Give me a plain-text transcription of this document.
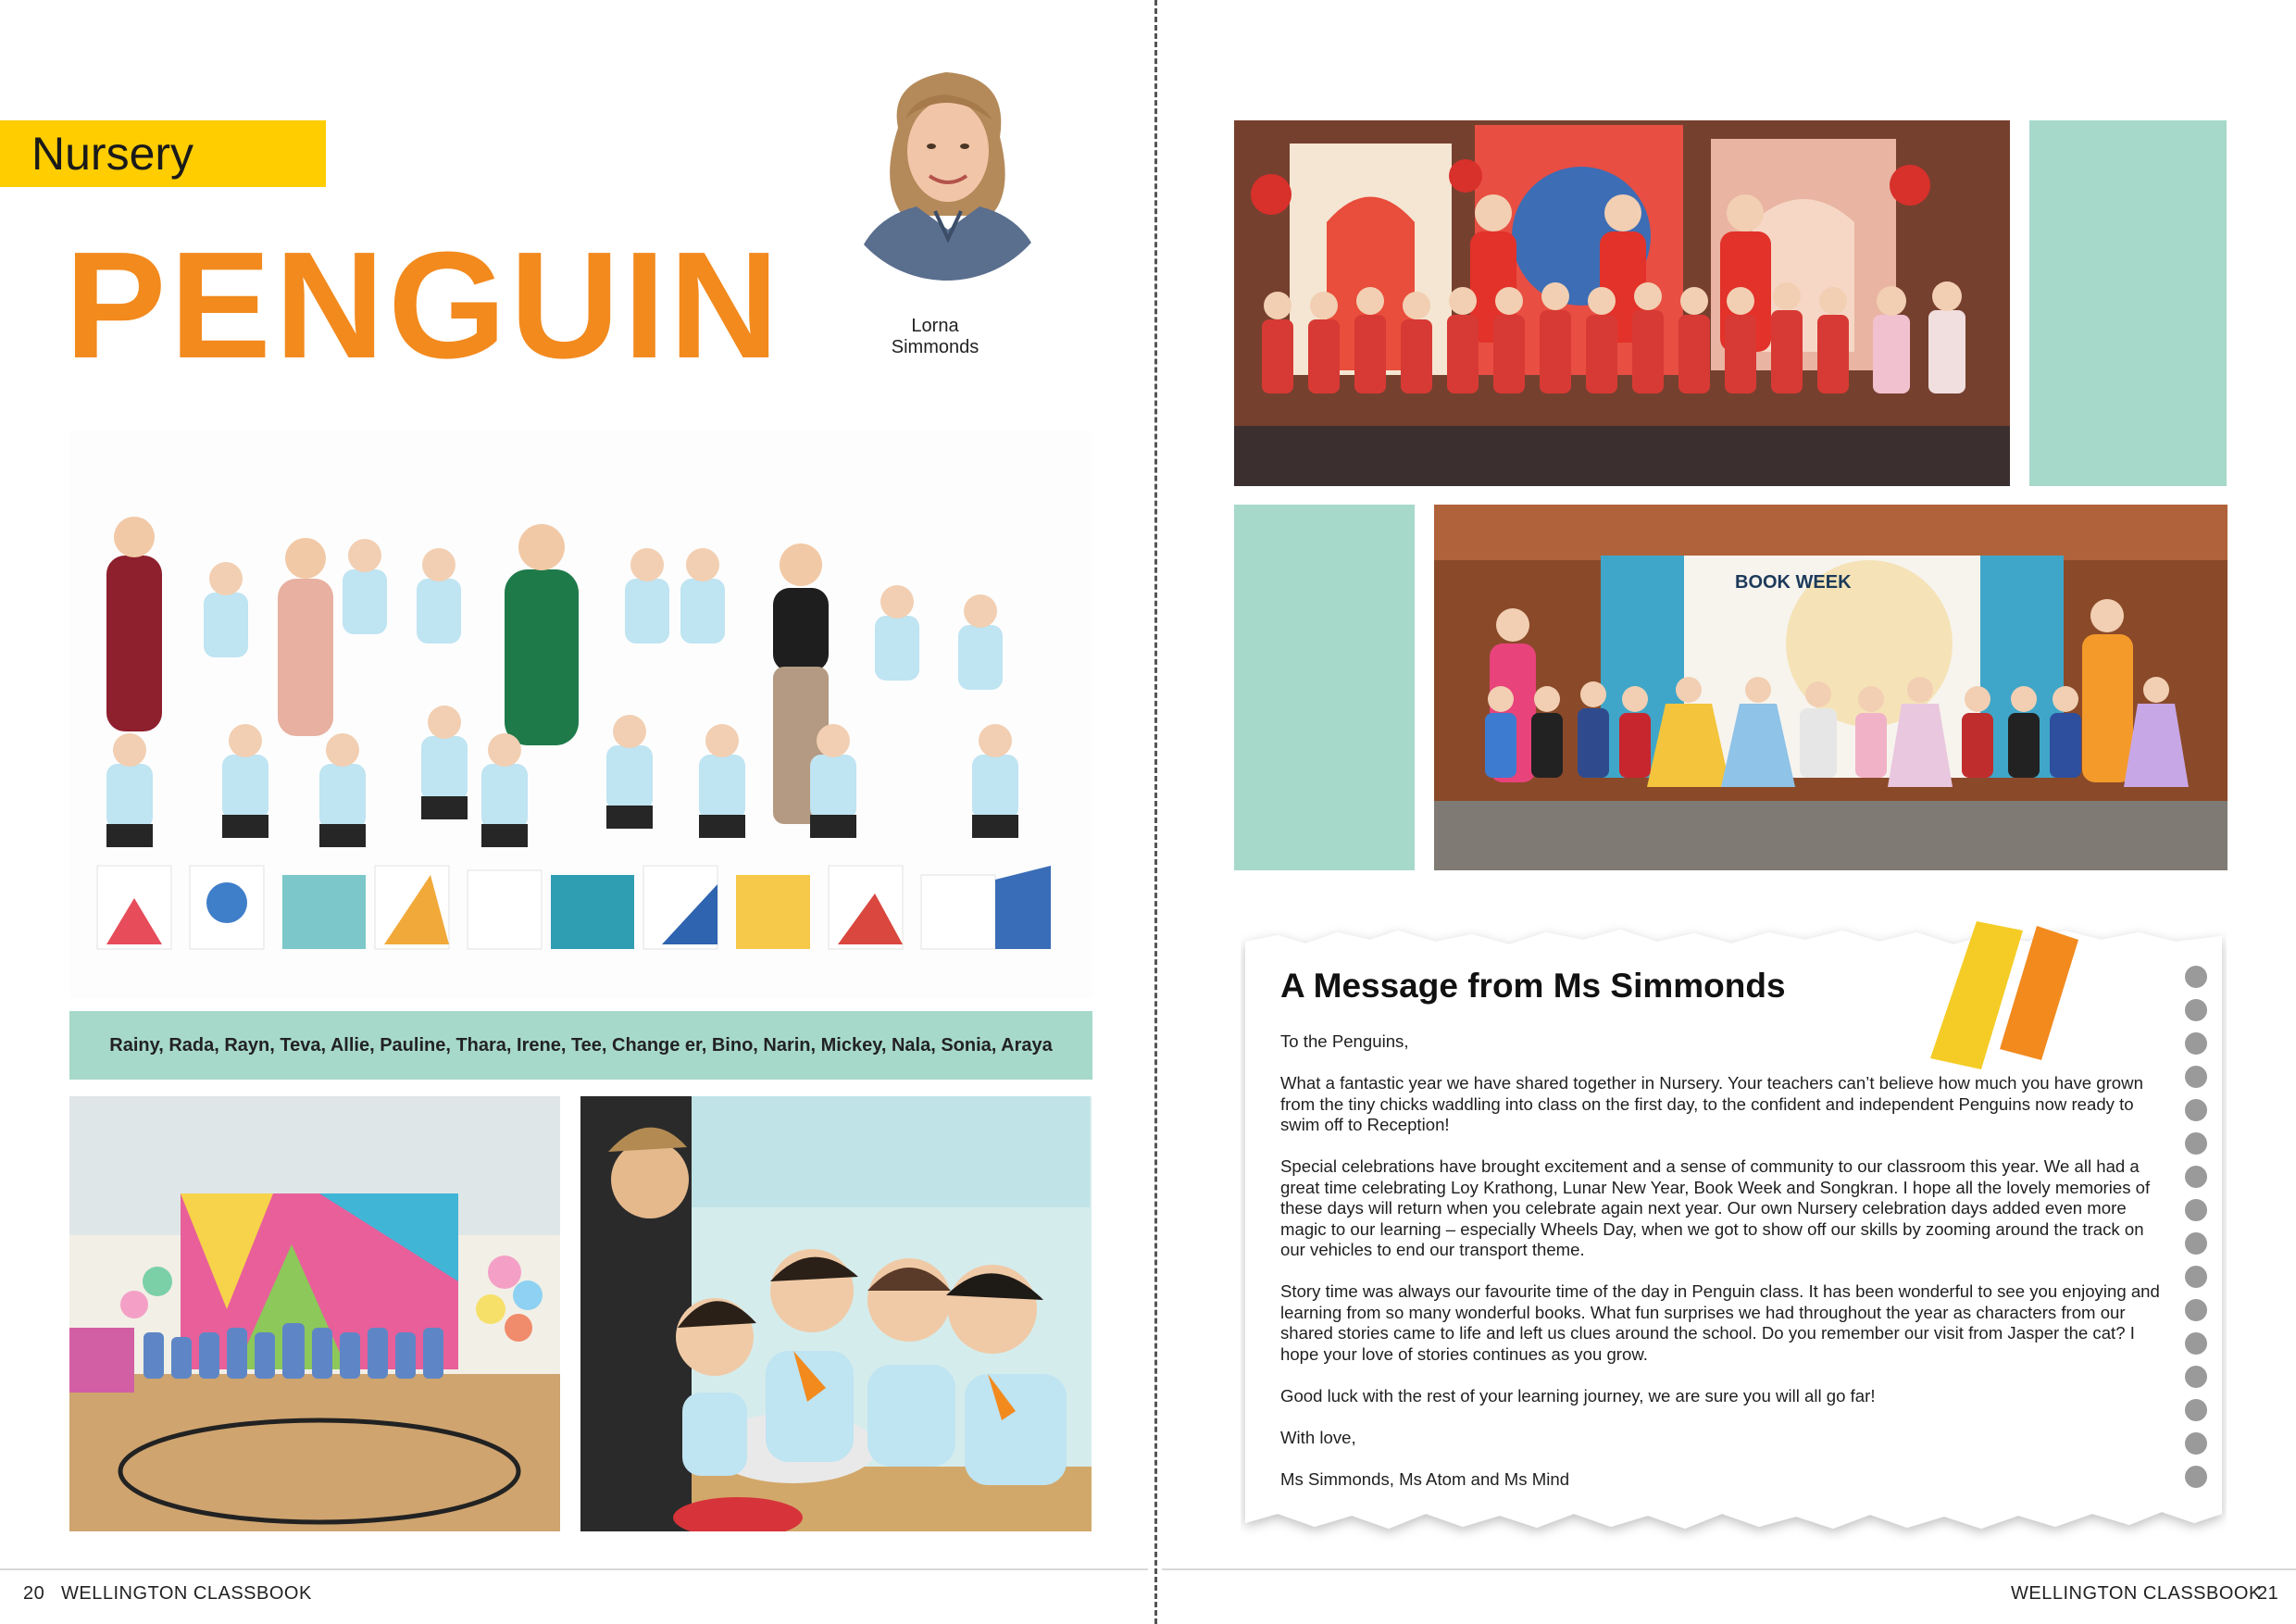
Nursery
PENGUIN	Lorna Simmonds
Rainy, Rada, Rayn, Teva, Allie, Pauline, Thara, Irene, Tee, Change er, Bino, Narin, Mickey, Nala, Sonia, Araya
20 WELLINGTON CLASSBOOK
BOOK WEEK
A Message from Ms Simmonds

To the Penguins,

What a fantastic year we have shared together in Nursery. Your teachers can’t believe how much you have grown from the tiny chicks waddling into class on the first day, to the confident and independent Penguins now ready to swim off to Reception!

Special celebrations have brought excitement and a sense of community to our classroom this year. We all had a great time celebrating Loy Krathong, Lunar New Year, Book Week and Songkran. I hope all the lovely memories of these days will return when you celebrate again next year. Our own Nursery celebration days added even more magic to our learning – especially Wheels Day, when we got to show off our skills by zooming around the track on our vehicles to end our transport theme.

Story time was always our favourite time of the day in Penguin class. It has been wonderful to see you enjoying and learning from so many wonderful books. What fun surprises we had throughout the year as characters from our shared stories came to life and left us clues around the school. Do you remember our visit from Jasper the cat? I hope your love of stories continues as you grow.

Good luck with the rest of your learning journey, we are sure you will all go far!

With love,

Ms Simmonds, Ms Atom and Ms Mind

WELLINGTON CLASSBOOK
21
